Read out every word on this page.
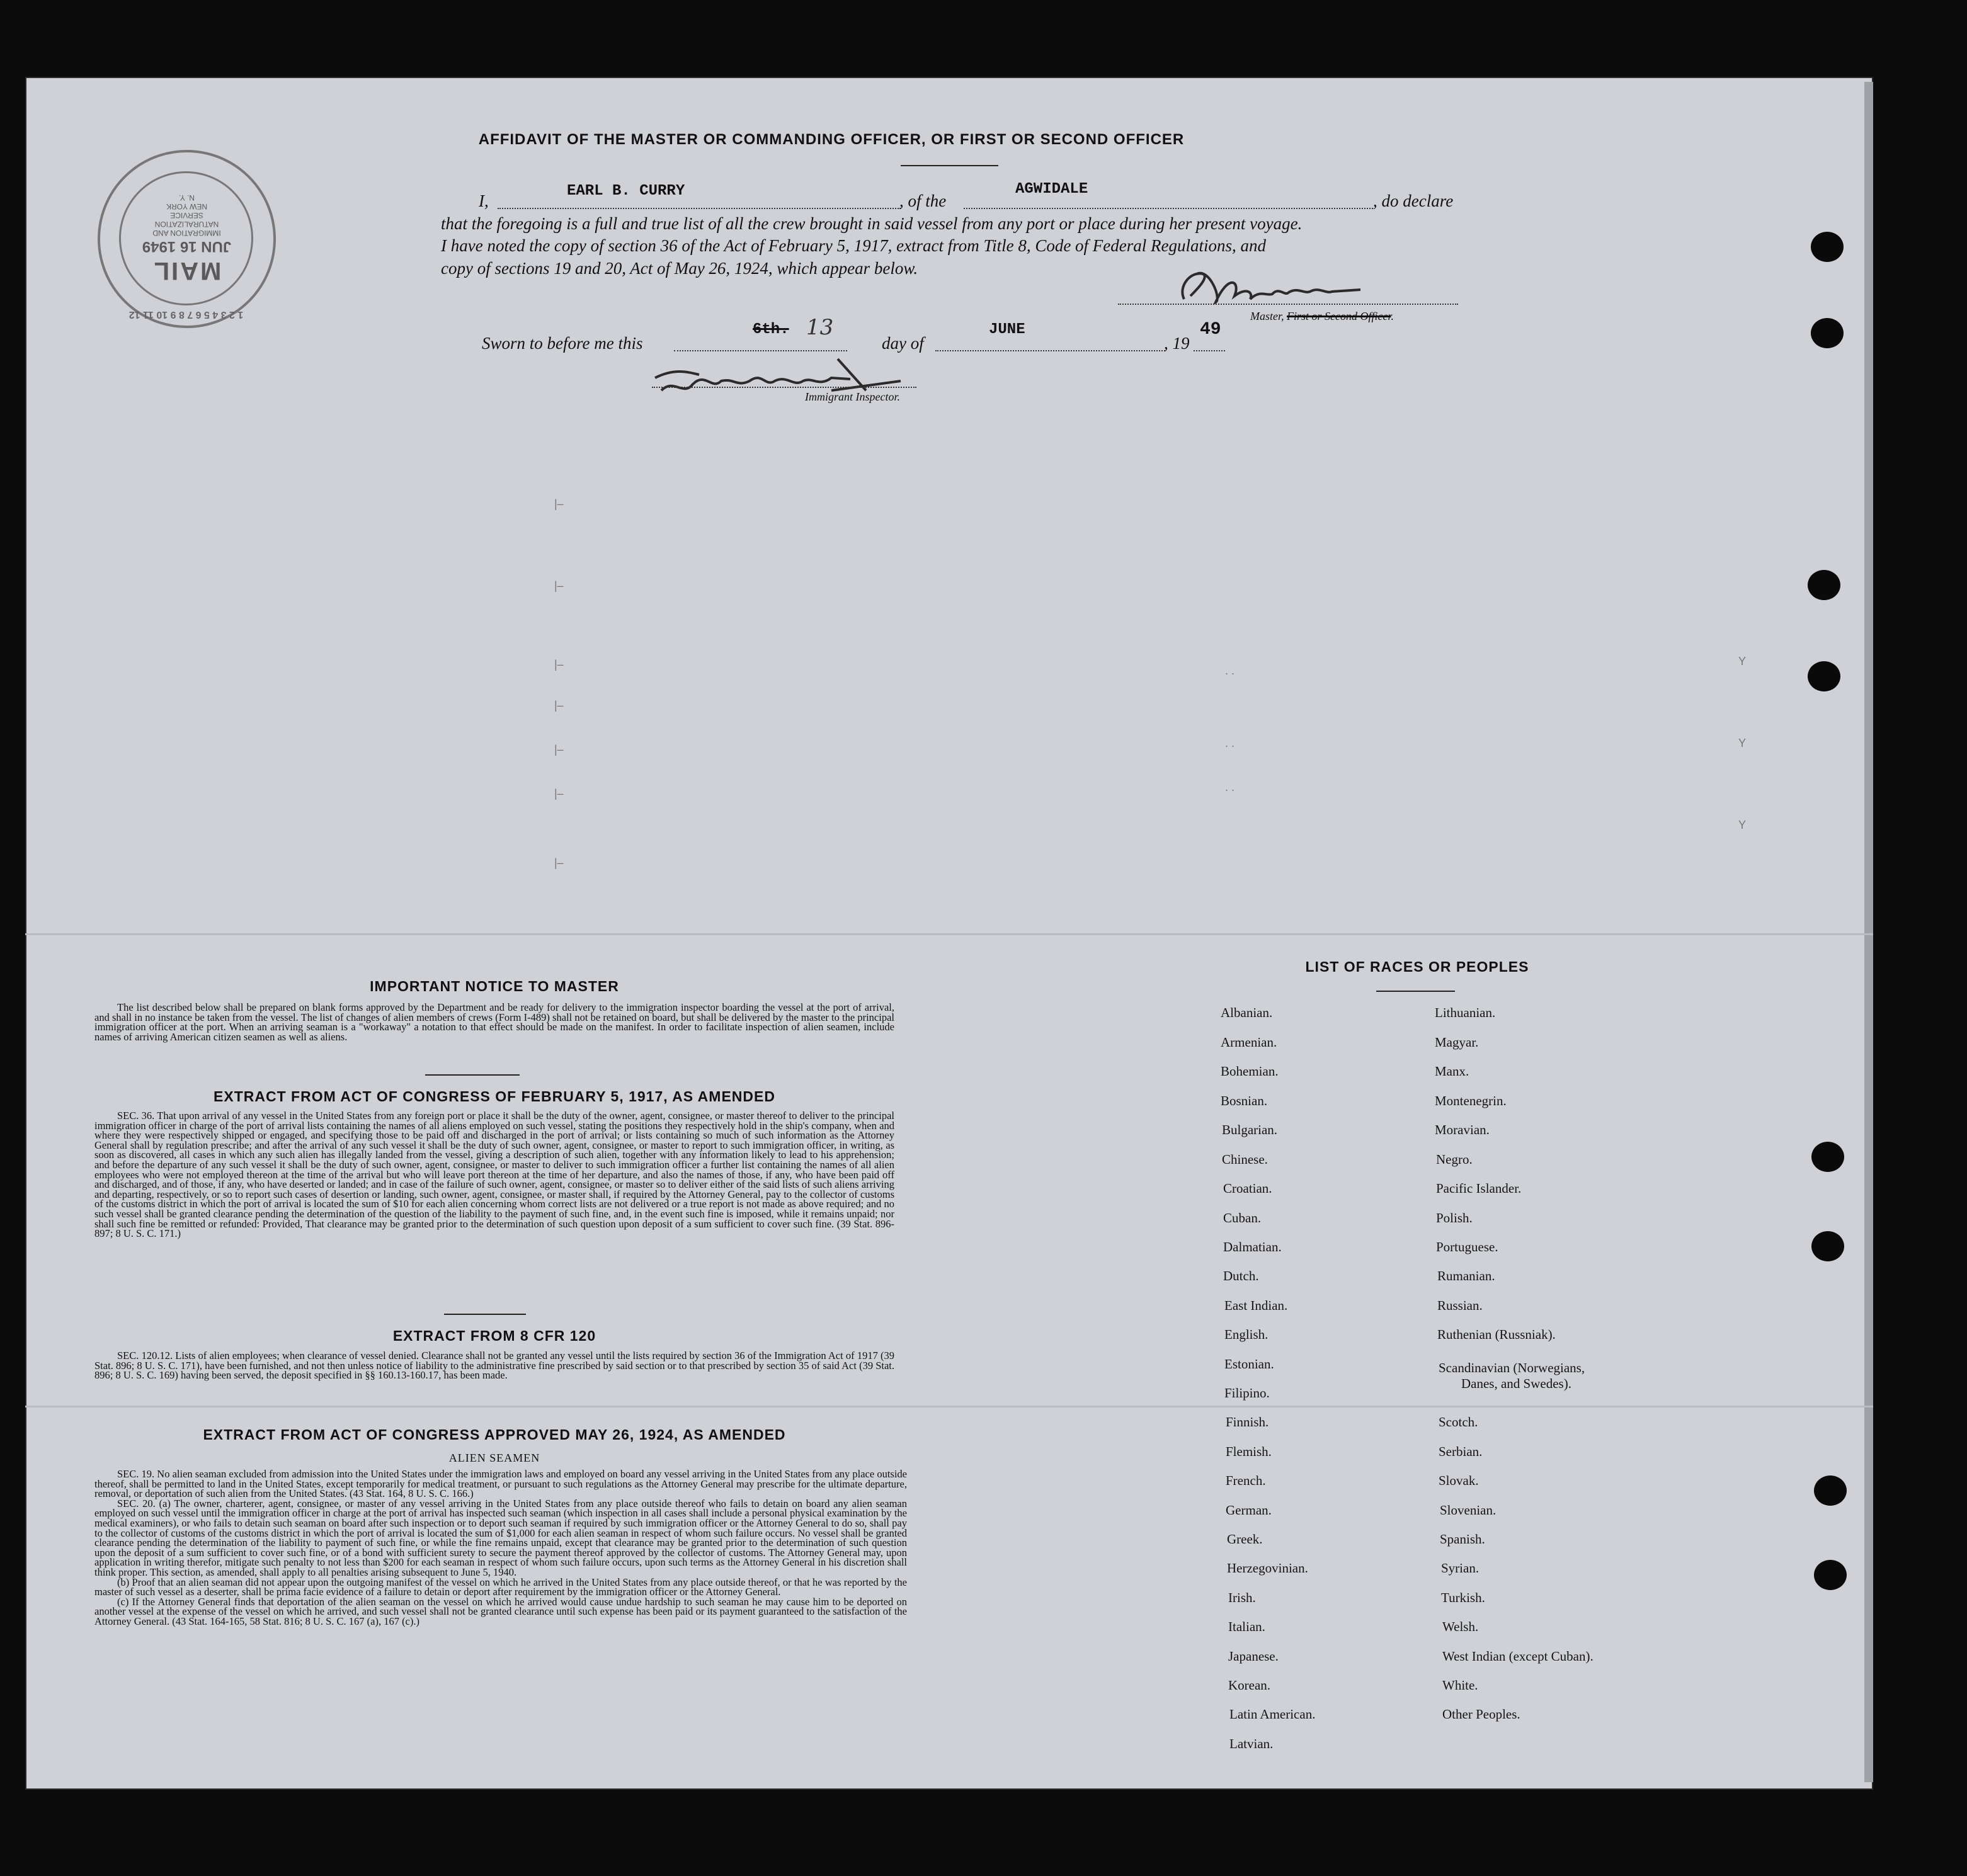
|–
|–
|–
|–
|–
|–
|–
. .
. .
. .
Y
Y
Y
AFFIDAVIT OF THE MASTER OR COMMANDING OFFICER, OR FIRST OR SECOND OFFICER
I,
EARL B. CURRY
, of the
AGWIDALE
, do declare
that the foregoing is a full and true list of all the crew brought in said vessel from any port or place during her present voyage.
I have noted the copy of section 36 of the Act of February 5, 1917, extract from Title 8, Code of Federal Regulations, and
copy of sections 19 and 20, Act of May 26, 1924, which appear below.
Master, First or Second Officer.
Sworn to before me this
6th. 13
day of
JUNE
, 19
49
Immigrant Inspector.
MAIL
JUN 16 1949
IMMIGRATION AND
NATURALIZATION
SERVICE
NEW YORK
N. Y.
1 2 3 4 5 6 7 8 9 10 11 12
IMPORTANT NOTICE TO MASTER

The list described below shall be prepared on blank forms approved by the Department and be ready for delivery to the immigration inspector boarding the vessel at the port of arrival, and shall in no instance be taken from the vessel. The list of changes of alien members of crews (Form I-489) shall not be retained on board, but shall be delivered by the master to the principal immigration officer at the port. When an arriving seaman is a "workaway" a notation to that effect should be made on the manifest. In order to facilitate inspection of alien seamen, include names of arriving American citizen seamen as well as aliens.

EXTRACT FROM ACT OF CONGRESS OF FEBRUARY 5, 1917, AS AMENDED

SEC. 36. That upon arrival of any vessel in the United States from any foreign port or place it shall be the duty of the owner, agent, consignee, or master thereof to deliver to the principal immigration officer in charge of the port of arrival lists containing the names of all aliens employed on such vessel, stating the positions they respectively hold in the ship's company, when and where they were respectively shipped or engaged, and specifying those to be paid off and discharged in the port of arrival; or lists containing so much of such information as the Attorney General shall by regulation prescribe; and after the arrival of any such vessel it shall be the duty of such owner, agent, consignee, or master to report to such immigration officer, in writing, as soon as discovered, all cases in which any such alien has illegally landed from the vessel, giving a description of such alien, together with any information likely to lead to his apprehension; and before the departure of any such vessel it shall be the duty of such owner, agent, consignee, or master to deliver to such immigration officer a further list containing the names of all alien employees who were not employed thereon at the time of the arrival but who will leave port thereon at the time of her departure, and also the names of those, if any, who have been paid off and discharged, and of those, if any, who have deserted or landed; and in case of the failure of such owner, agent, consignee, or master so to deliver either of the said lists of such aliens arriving and departing, respectively, or so to report such cases of desertion or landing, such owner, agent, consignee, or master shall, if required by the Attorney General, pay to the collector of customs of the customs district in which the port of arrival is located the sum of $10 for each alien concerning whom correct lists are not delivered or a true report is not made as above required; and no such vessel shall be granted clearance pending the determination of the question of the liability to the payment of such fine, and, in the event such fine is imposed, while it remains unpaid; nor shall such fine be remitted or refunded: Provided, That clearance may be granted prior to the determination of such question upon deposit of a sum sufficient to cover such fine. (39 Stat. 896-897; 8 U. S. C. 171.)

EXTRACT FROM 8 CFR 120

SEC. 120.12. Lists of alien employees; when clearance of vessel denied. Clearance shall not be granted any vessel until the lists required by section 36 of the Immigration Act of 1917 (39 Stat. 896; 8 U. S. C. 171), have been furnished, and not then unless notice of liability to the administrative fine prescribed by said section or to that prescribed by section 35 of said Act (39 Stat. 896; 8 U. S. C. 169) having been served, the deposit specified in §§ 160.13-160.17, has been made.

EXTRACT FROM ACT OF CONGRESS APPROVED MAY 26, 1924, AS AMENDED
ALIEN SEAMEN

SEC. 19. No alien seaman excluded from admission into the United States under the immigration laws and employed on board any vessel arriving in the United States from any place outside thereof, shall be permitted to land in the United States, except temporarily for medical treatment, or pursuant to such regulations as the Attorney General may prescribe for the ultimate departure, removal, or deportation of such alien from the United States. (43 Stat. 164, 8 U. S. C. 166.)

SEC. 20. (a) The owner, charterer, agent, consignee, or master of any vessel arriving in the United States from any place outside thereof who fails to detain on board any alien seaman employed on such vessel until the immigration officer in charge at the port of arrival has inspected such seaman (which inspection in all cases shall include a personal physical examination by the medical examiners), or who fails to detain such seaman on board after such inspection or to deport such seaman if required by such immigration officer or the Attorney General to do so, shall pay to the collector of customs of the customs district in which the port of arrival is located the sum of $1,000 for each alien seaman in respect of whom such failure occurs. No vessel shall be granted clearance pending the determination of the liability to payment of such fine, or while the fine remains unpaid, except that clearance may be granted prior to the determination of such question upon the deposit of a sum sufficient to cover such fine, or of a bond with sufficient surety to secure the payment thereof approved by the collector of customs. The Attorney General may, upon application in writing therefor, mitigate such penalty to not less than $200 for each seaman in respect of whom such failure occurs, upon such terms as the Attorney General in his discretion shall think proper. This section, as amended, shall apply to all penalties arising subsequent to June 5, 1940.

(b) Proof that an alien seaman did not appear upon the outgoing manifest of the vessel on which he arrived in the United States from any place outside thereof, or that he was reported by the master of such vessel as a deserter, shall be prima facie evidence of a failure to detain or deport after requirement by the immigration officer or the Attorney General.

(c) If the Attorney General finds that deportation of the alien seaman on the vessel on which he arrived would cause undue hardship to such seaman he may cause him to be deported on another vessel at the expense of the vessel on which he arrived, and such vessel shall not be granted clearance until such expense has been paid or its payment guaranteed to the satisfaction of the Attorney General. (43 Stat. 164-165, 58 Stat. 816; 8 U. S. C. 167 (a), 167 (c).)

LIST OF RACES OR PEOPLES
Albanian.
Armenian.
Bohemian.
Bosnian.
Bulgarian.
Chinese.
Croatian.
Cuban.
Dalmatian.
Dutch.
East Indian.
English.
Estonian.
Filipino.
Finnish.
Flemish.
French.
German.
Greek.
Herzegovinian.
Irish.
Italian.
Japanese.
Korean.
Latin American.
Latvian.
Lithuanian.
Magyar.
Manx.
Montenegrin.
Moravian.
Negro.
Pacific Islander.
Polish.
Portuguese.
Rumanian.
Russian.
Ruthenian (Russniak).
Scandinavian (Norwegians,
Danes, and Swedes).
Scotch.
Serbian.
Slovak.
Slovenian.
Spanish.
Syrian.
Turkish.
Welsh.
West Indian (except Cuban).
White.
Other Peoples.
